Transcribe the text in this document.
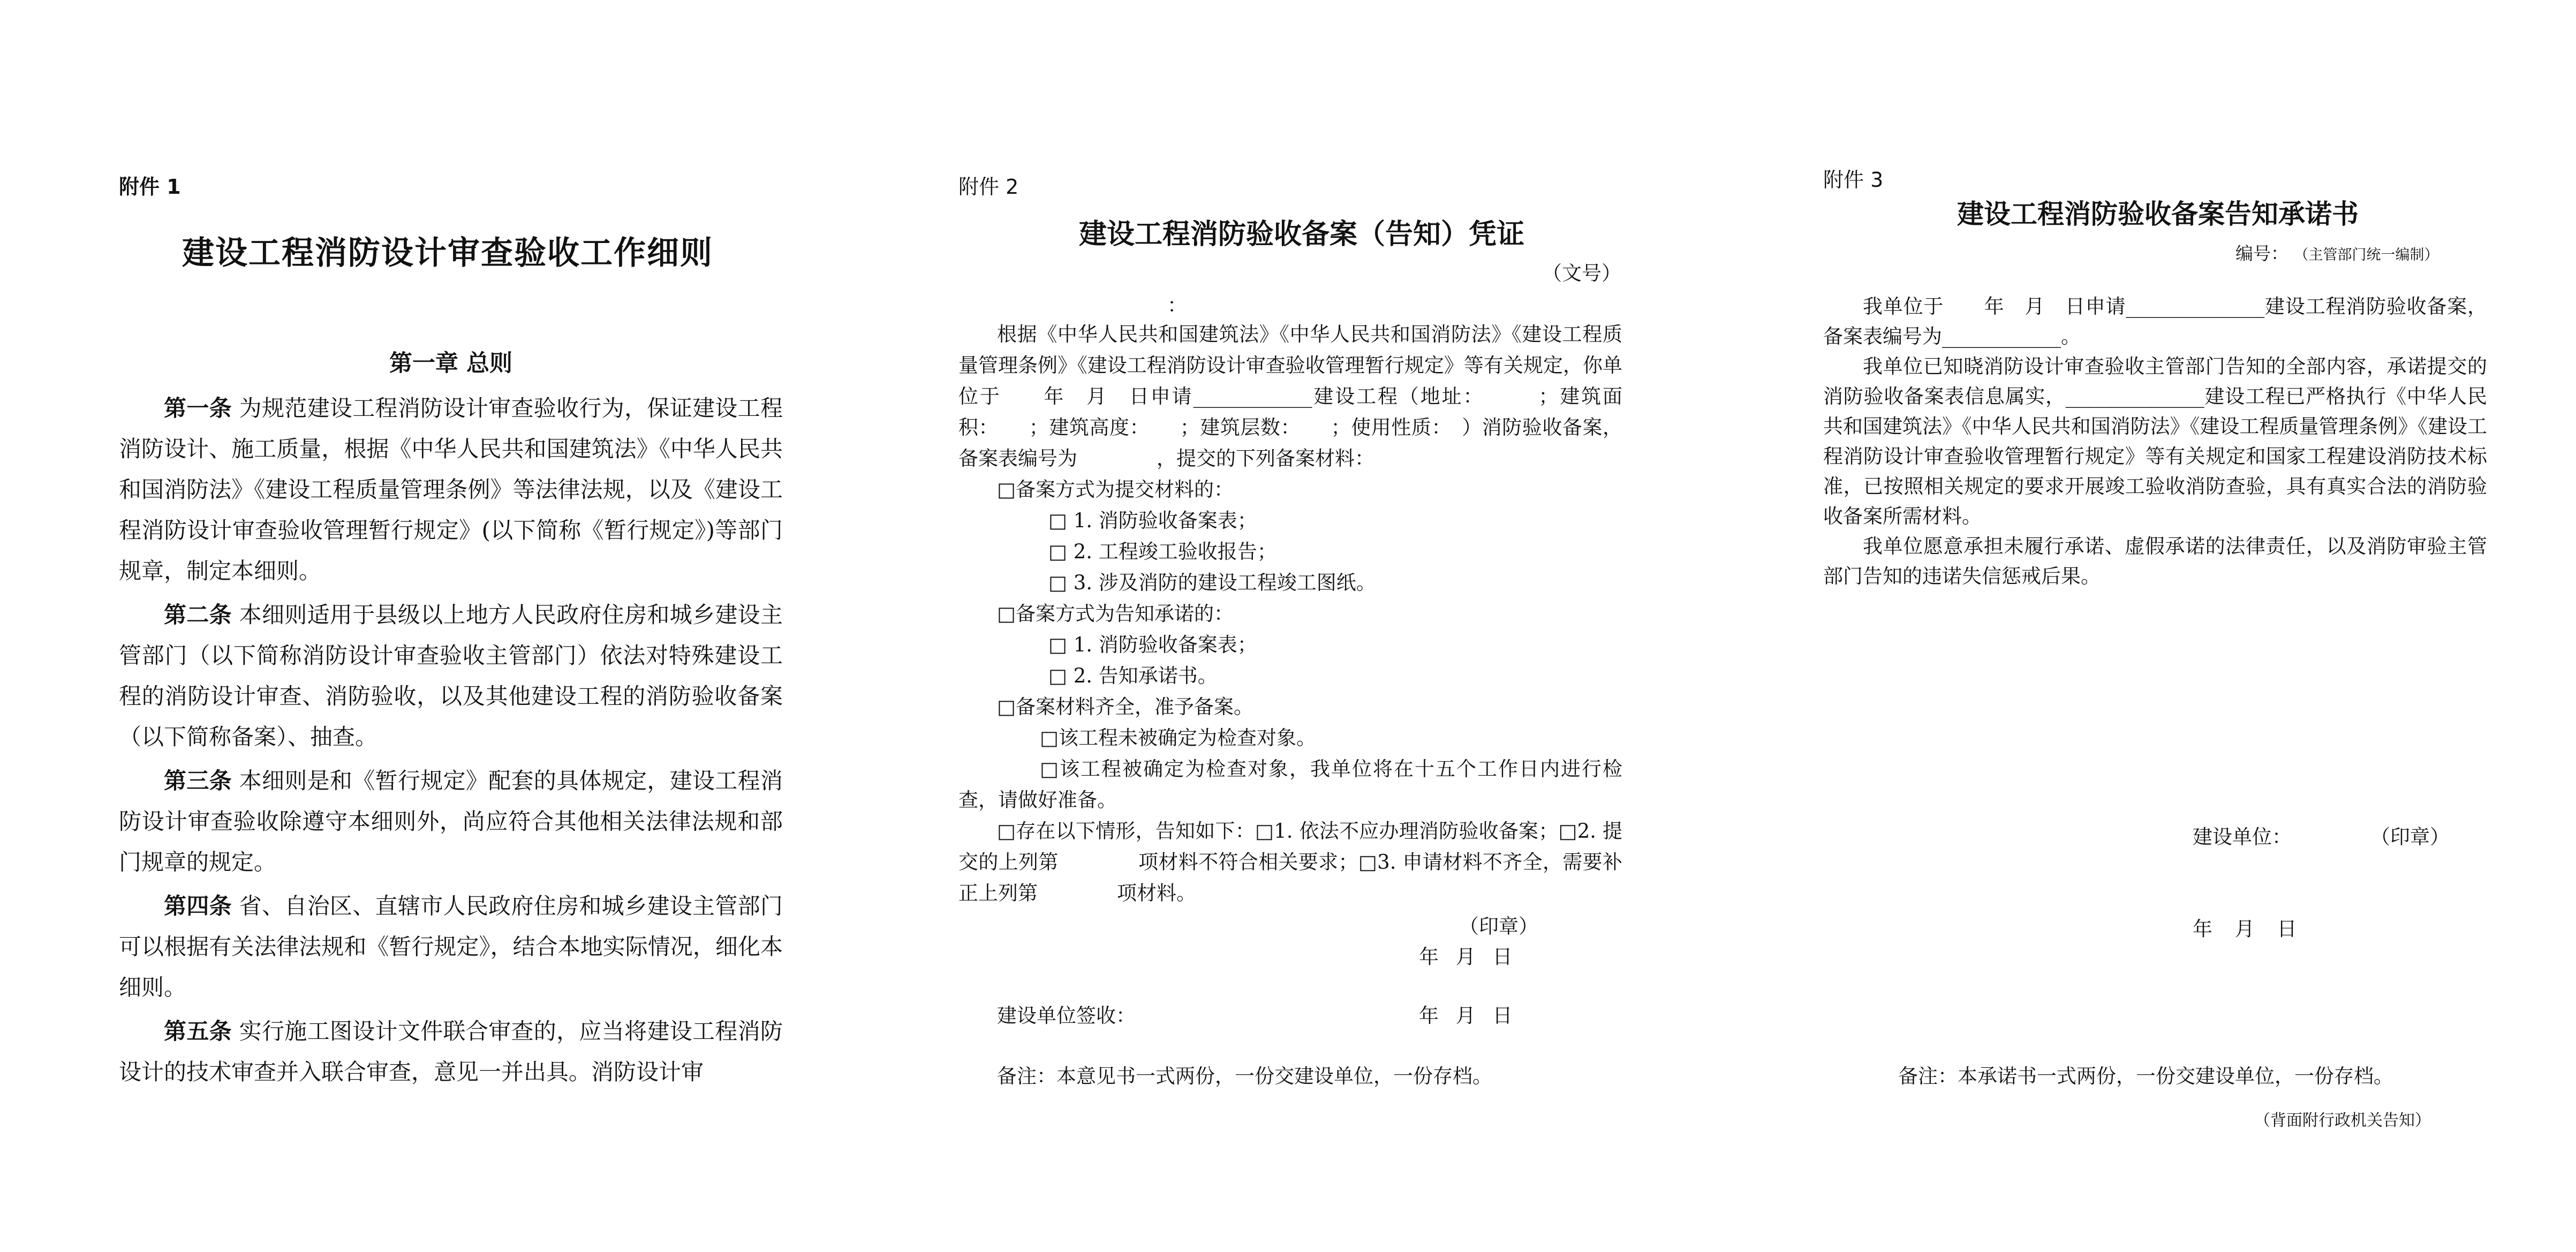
附件 1
建设工程消防设计审查验收工作细则
第一章 总则

第一条 为规范建设工程消防设计审查验收行为，保证建设工程消防设计、施工质量，根据《中华人民共和国建筑法》《中华人民共和国消防法》《建设工程质量管理条例》等法律法规，以及《建设工程消防设计审查验收管理暂行规定》(以下简称《暂行规定》)等部门规章，制定本细则。

第二条 本细则适用于县级以上地方人民政府住房和城乡建设主管部门（以下简称消防设计审查验收主管部门）依法对特殊建设工程的消防设计审查、消防验收，以及其他建设工程的消防验收备案（以下简称备案）、抽查。

第三条 本细则是和《暂行规定》配套的具体规定，建设工程消防设计审查验收除遵守本细则外，尚应符合其他相关法律法规和部门规章的规定。

第四条 省、自治区、直辖市人民政府住房和城乡建设主管部门可以根据有关法律法规和《暂行规定》，结合本地实际情况，细化本细则。

第五条 实行施工图设计文件联合审查的，应当将建设工程消防设计的技术审查并入联合审查，意见一并出具。消防设计审

附件 2
建设工程消防验收备案（告知）凭证
（文号）
：

根据《中华人民共和国建筑法》《中华人民共和国消防法》《建设工程质量管理条例》《建设工程消防设计审查验收管理暂行规定》等有关规定，你单位于　　年　月　日申请____________建设工程（地址：　　　；建筑面积：　　；建筑高度：　　；建筑层数：　　；使用性质：　）消防验收备案，备案表编号为　　　　，提交的下列备案材料：

□备案方式为提交材料的：

□ 1. 消防验收备案表；

□ 2. 工程竣工验收报告；

□ 3. 涉及消防的建设工程竣工图纸。

□备案方式为告知承诺的：

□ 1. 消防验收备案表；

□ 2. 告知承诺书。

□备案材料齐全，准予备案。

□该工程未被确定为检查对象。

□该工程被确定为检查对象，我单位将在十五个工作日内进行检查，请做好准备。

□存在以下情形，告知如下：□1. 依法不应办理消防验收备案；□2. 提交的上列第　　　　项材料不符合相关要求；□3. 申请材料不齐全，需要补正上列第　　　　项材料。

（印章）
年 月 日
建设单位签收：	年 月 日
备注：本意见书一式两份，一份交建设单位，一份存档。
附件 3
建设工程消防验收备案告知承诺书
编号： （主管部门统一编制）

我单位于　　年　月　日申请______________建设工程消防验收备案，备案表编号为____________。

我单位已知晓消防设计审查验收主管部门告知的全部内容，承诺提交的消防验收备案表信息属实，______________建设工程已严格执行《中华人民共和国建筑法》《中华人民共和国消防法》《建设工程质量管理条例》《建设工程消防设计审查验收管理暂行规定》等有关规定和国家工程建设消防技术标准，已按照相关规定的要求开展竣工验收消防查验，具有真实合法的消防验收备案所需材料。

我单位愿意承担未履行承诺、虚假承诺的法律责任，以及消防审验主管部门告知的违诺失信惩戒后果。

建设单位：	（印章）
年 月 日
备注：本承诺书一式两份，一份交建设单位，一份存档。
（背面附行政机关告知）
